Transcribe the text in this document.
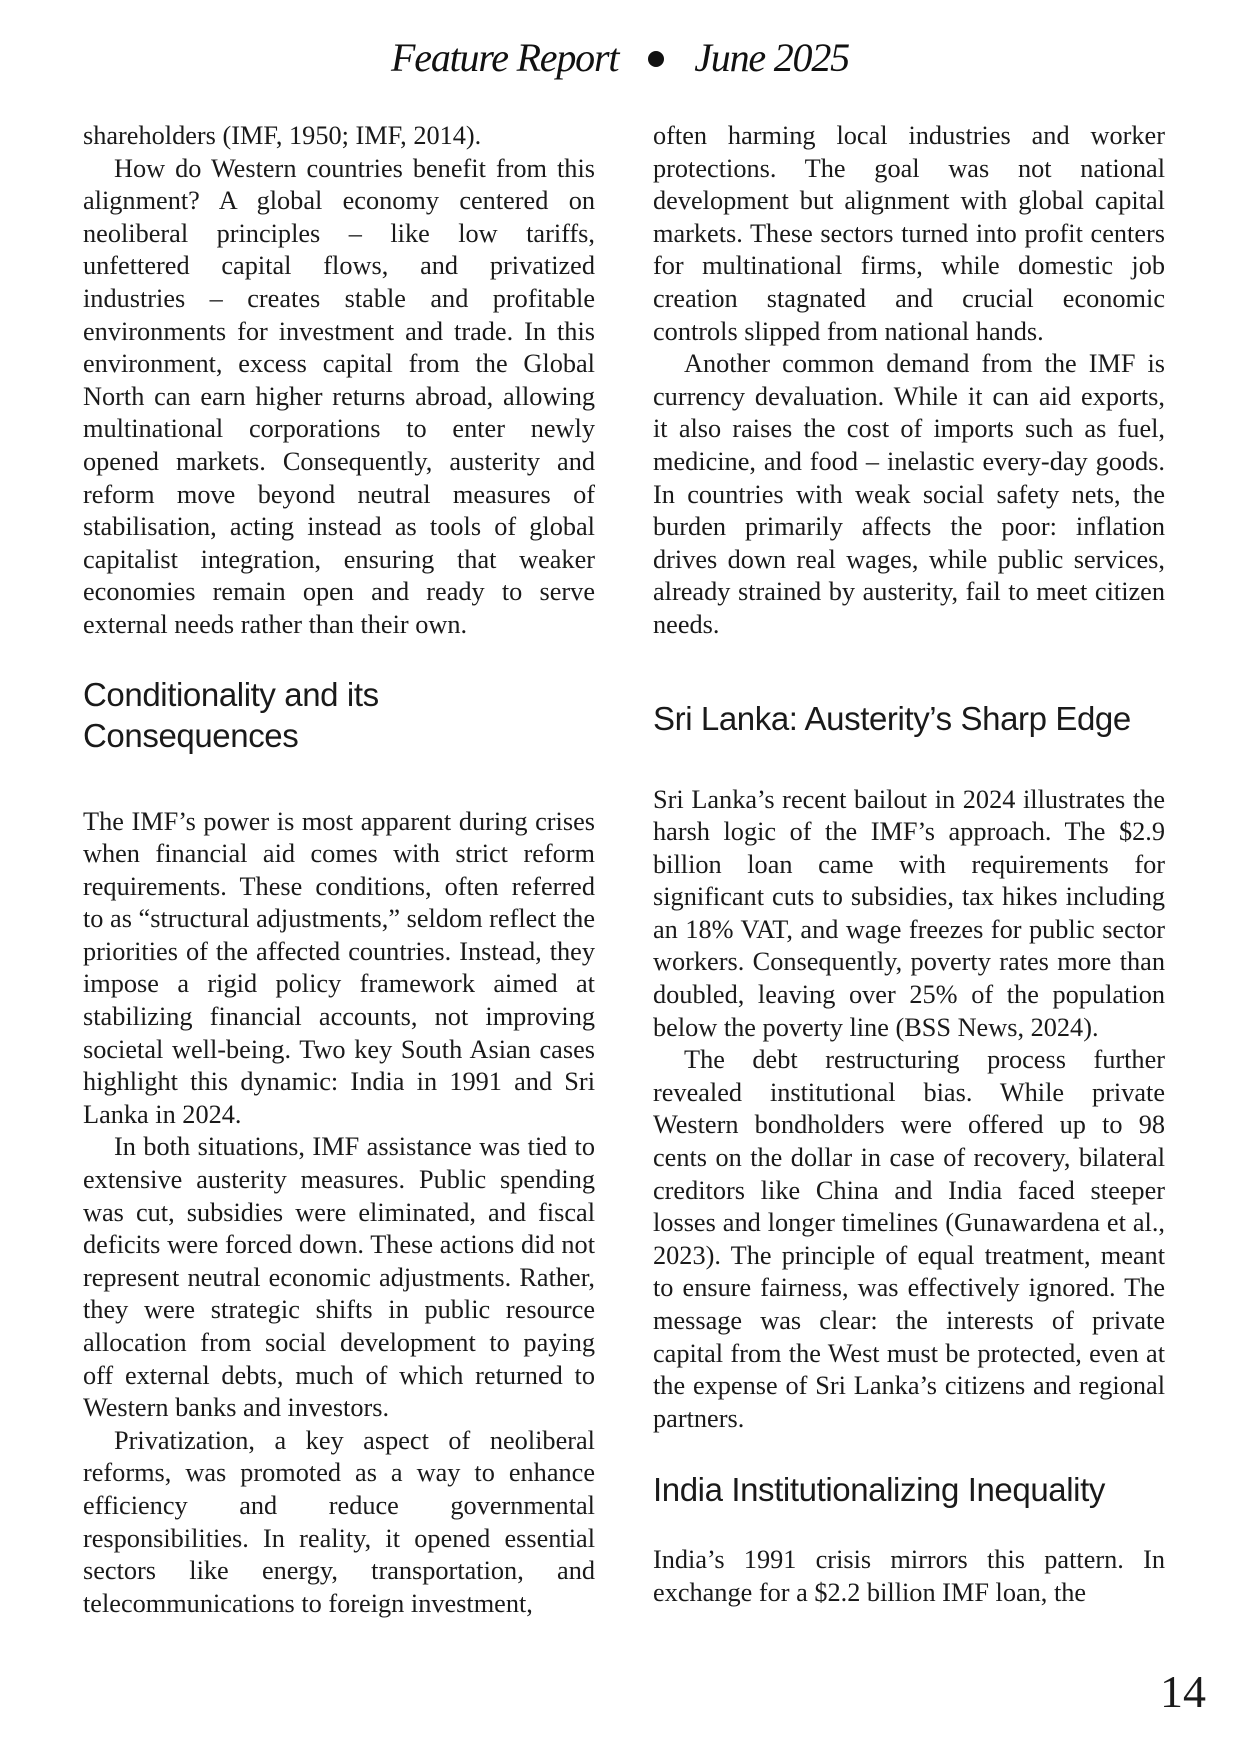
Feature Report June 2025

shareholders (IMF, 1950; IMF, 2014).

How do Western countries benefit from this alignment? A global economy centered on neoliberal principles – like low tariffs, unfettered capital flows, and privatized industries – creates stable and profitable environments for investment and trade. In this environment, excess capital from the Global North can earn higher returns abroad, allowing multinational corporations to enter newly opened markets. Consequently, austerity and reform move beyond neutral measures of stabilisation, acting instead as tools of global capitalist integration, ensuring that weaker economies remain open and ready to serve external needs rather than their own.

Conditionality and its Consequences

The IMF’s power is most apparent during crises when financial aid comes with strict reform requirements. These conditions, often referred to as “structural adjustments,” seldom reflect the priorities of the affected countries. Instead, they impose a rigid policy framework aimed at stabilizing financial accounts, not improving societal well-being. Two key South Asian cases highlight this dynamic: India in 1991 and Sri Lanka in 2024.

In both situations, IMF assistance was tied to extensive austerity measures. Public spending was cut, subsidies were eliminated, and fiscal deficits were forced down. These actions did not represent neutral economic adjustments. Rather, they were strategic shifts in public resource allocation from social development to paying off external debts, much of which returned to Western banks and investors.

Privatization, a key aspect of neoliberal reforms, was promoted as a way to enhance efficiency and reduce governmental responsibilities. In reality, it opened essential sectors like energy, transportation, and telecommunications to foreign investment,

often harming local industries and worker protections. The goal was not national development but alignment with global capital markets. These sectors turned into profit centers for multinational firms, while domestic job creation stagnated and crucial economic controls slipped from national hands.

Another common demand from the IMF is currency devaluation. While it can aid exports, it also raises the cost of imports such as fuel, medicine, and food – inelastic every-day goods. In countries with weak social safety nets, the burden primarily affects the poor: inflation drives down real wages, while public services, already strained by austerity, fail to meet citizen needs.

Sri Lanka: Austerity’s Sharp Edge

Sri Lanka’s recent bailout in 2024 illustrates the harsh logic of the IMF’s approach. The $2.9 billion loan came with requirements for significant cuts to subsidies, tax hikes including an 18% VAT, and wage freezes for public sector workers. Consequently, poverty rates more than doubled, leaving over 25% of the population below the poverty line (BSS News, 2024).

The debt restructuring process further revealed institutional bias. While private Western bondholders were offered up to 98 cents on the dollar in case of recovery, bilateral creditors like China and India faced steeper losses and longer timelines (Gunawardena et al., 2023). The principle of equal treatment, meant to ensure fairness, was effectively ignored. The message was clear: the interests of private capital from the West must be protected, even at the expense of Sri Lanka’s citizens and regional partners.

India Institutionalizing Inequality

India’s 1991 crisis mirrors this pattern. In exchange for a $2.2 billion IMF loan, the

14
